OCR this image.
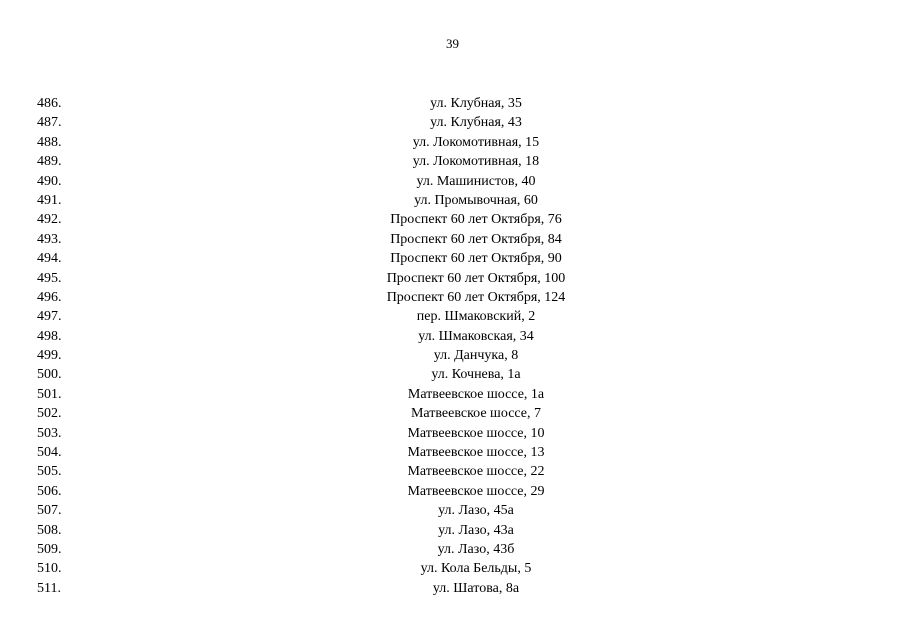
39
486.	ул. Клубная, 35
487.	ул. Клубная, 43
488.	ул. Локомотивная, 15
489.	ул. Локомотивная, 18
490.	ул. Машинистов, 40
491.	ул. Промывочная, 60
492.	Проспект 60 лет Октября, 76
493.	Проспект 60 лет Октября, 84
494.	Проспект 60 лет Октября, 90
495.	Проспект 60 лет Октября, 100
496.	Проспект 60 лет Октября, 124
497.	пер. Шмаковский, 2
498.	ул. Шмаковская, 34
499.	ул. Данчука, 8
500.	ул. Кочнева, 1а
501.	Матвеевское шоссе, 1а
502.	Матвеевское шоссе, 7
503.	Матвеевское шоссе, 10
504.	Матвеевское шоссе, 13
505.	Матвеевское шоссе, 22
506.	Матвеевское шоссе, 29
507.	ул. Лазо, 45а
508.	ул. Лазо, 43а
509.	ул. Лазо, 43б
510.	ул. Кола Бельды, 5
511.	ул. Шатова, 8а
